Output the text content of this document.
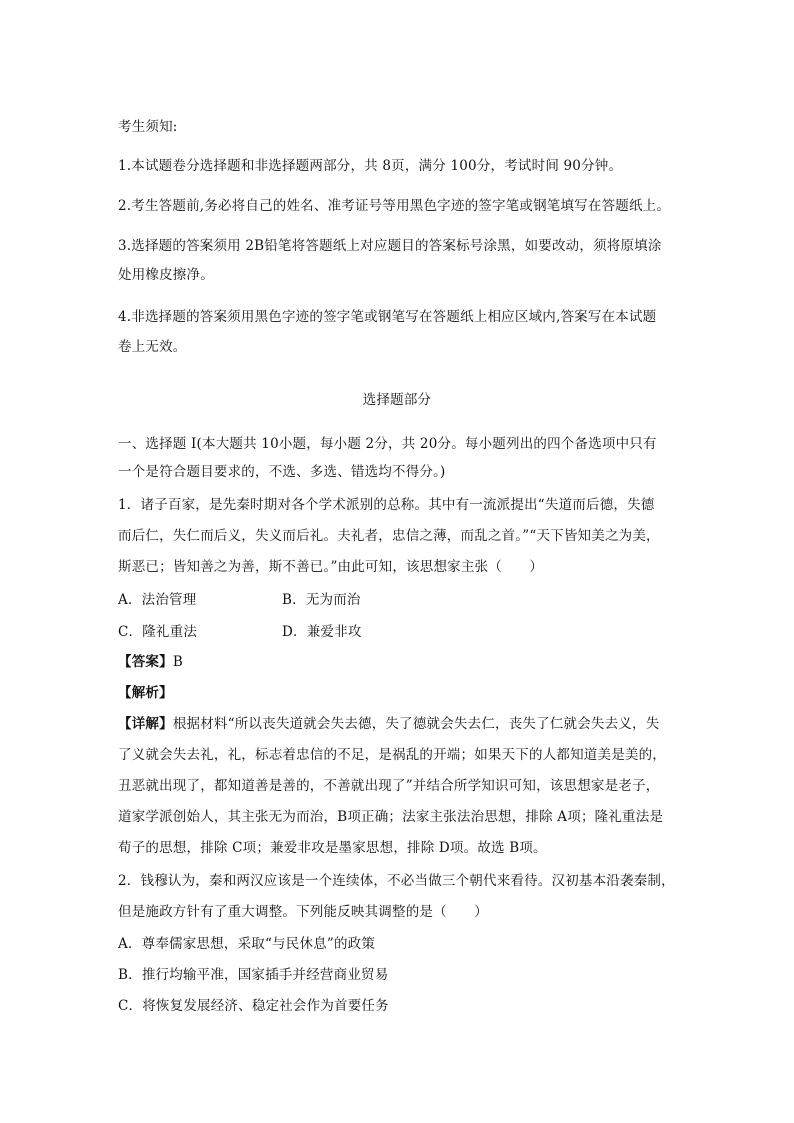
考生须知:
1.本试题卷分选择题和非选择题两部分，共 8页，满分 100分，考试时间 90分钟。
2.考生答题前,务必将自己的姓名、准考证号等用黑色字迹的签字笔或钢笔填写在答题纸上。
3.选择题的答案须用 2B铅笔将答题纸上对应题目的答案标号涂黑，如要改动，须将原填涂
处用橡皮擦净。
4.非选择题的答案须用黑色字迹的签字笔或钢笔写在答题纸上相应区域内,答案写在本试题
卷上无效。
选择题部分
一、选择题 I(本大题共 10小题，每小题 2分，共 20分。每小题列出的四个备选项中只有
一个是符合题目要求的，不选、多选、错选均不得分。)
1．诸子百家，是先秦时期对各个学术派别的总称。其中有一流派提出“失道而后德，失德
而后仁，失仁而后义，失义而后礼。夫礼者，忠信之薄，而乱之首。”“天下皆知美之为美，
斯恶已；皆知善之为善，斯不善已。”由此可知，该思想家主张（　　）
A．法治管理	B．无为而治
C．隆礼重法	D．兼爱非攻
【答案】B
【解析】
【详解】根据材料“所以丧失道就会失去德，失了德就会失去仁，丧失了仁就会失去义，失
了义就会失去礼，礼，标志着忠信的不足，是祸乱的开端；如果天下的人都知道美是美的，
丑恶就出现了，都知道善是善的，不善就出现了”并结合所学知识可知，该思想家是老子，
道家学派创始人，其主张无为而治，B项正确；法家主张法治思想，排除 A项；隆礼重法是
荀子的思想，排除 C项；兼爱非攻是墨家思想，排除 D项。故选 B项。
2．钱穆认为，秦和两汉应该是一个连续体，不必当做三个朝代来看待。汉初基本沿袭秦制，
但是施政方针有了重大调整。下列能反映其调整的是（　　）
A．尊奉儒家思想，采取“与民休息”的政策
B．推行均输平准，国家插手并经营商业贸易
C．将恢复发展经济、稳定社会作为首要任务
